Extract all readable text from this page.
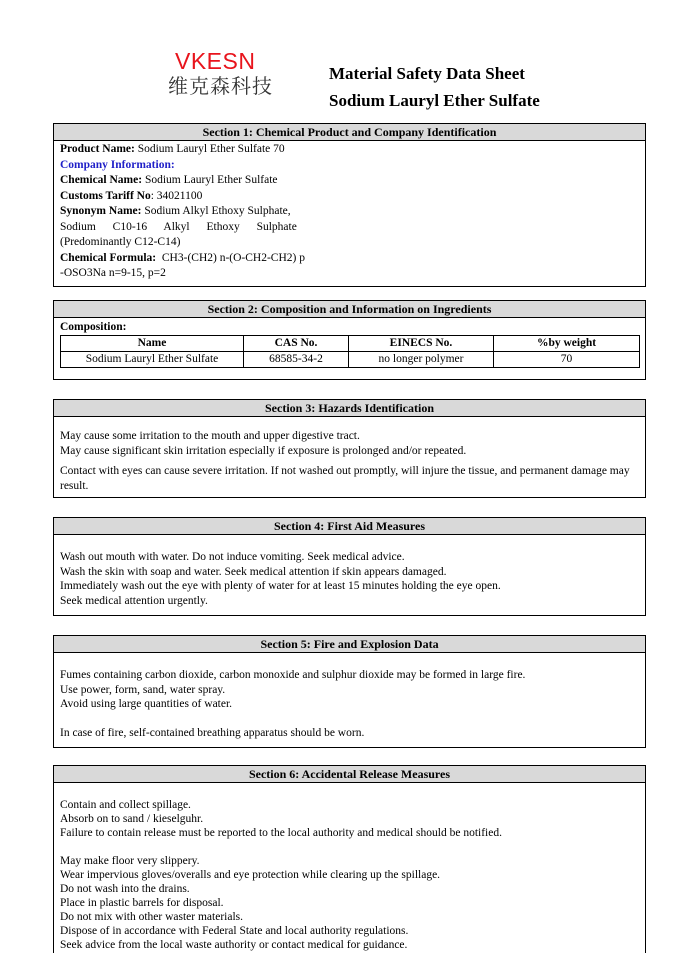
VKESN
维克森科技
Material Safety Data Sheet
Sodium Lauryl Ether Sulfate
Section 1: Chemical Product and Company Identification

Product Name: Sodium Lauryl Ether Sulfate 70

Company Information:

Chemical Name: Sodium Lauryl Ether Sulfate

Customs Tariff No: 34021100

Synonym Name: Sodium Alkyl Ethoxy Sulphate,

Sodium C10-16 Alkyl Ethoxy Sulphate

(Predominantly C12-C14)

Chemical Formula: CH3-(CH2) n-(O-CH2-CH2) p

-OSO3Na n=9-15, p=2

Section 2: Composition and Information on Ingredients

Composition:

Name	CAS No.	EINECS No.	%by weight
Sodium Lauryl Ether Sulfate	68585-34-2	no longer polymer	70
Section 3: Hazards Identification

May cause some irritation to the mouth and upper digestive tract.

May cause significant skin irritation especially if exposure is prolonged and/or repeated.

Contact with eyes can cause severe irritation. If not washed out promptly, will injure the tissue, and permanent damage may result.

Section 4: First Aid Measures

Wash out mouth with water. Do not induce vomiting. Seek medical advice.

Wash the skin with soap and water. Seek medical attention if skin appears damaged.

Immediately wash out the eye with plenty of water for at least 15 minutes holding the eye open.

Seek medical attention urgently.

Section 5: Fire and Explosion Data

Fumes containing carbon dioxide, carbon monoxide and sulphur dioxide may be formed in large fire.

Use power, form, sand, water spray.

Avoid using large quantities of water.

In case of fire, self-contained breathing apparatus should be worn.

Section 6: Accidental Release Measures

Contain and collect spillage.

Absorb on to sand / kieselguhr.

Failure to contain release must be reported to the local authority and medical should be notified.

May make floor very slippery.

Wear impervious gloves/overalls and eye protection while clearing up the spillage.

Do not wash into the drains.

Place in plastic barrels for disposal.

Do not mix with other waster materials.

Dispose of in accordance with Federal State and local authority regulations.

Seek advice from the local waste authority or contact medical for guidance.
